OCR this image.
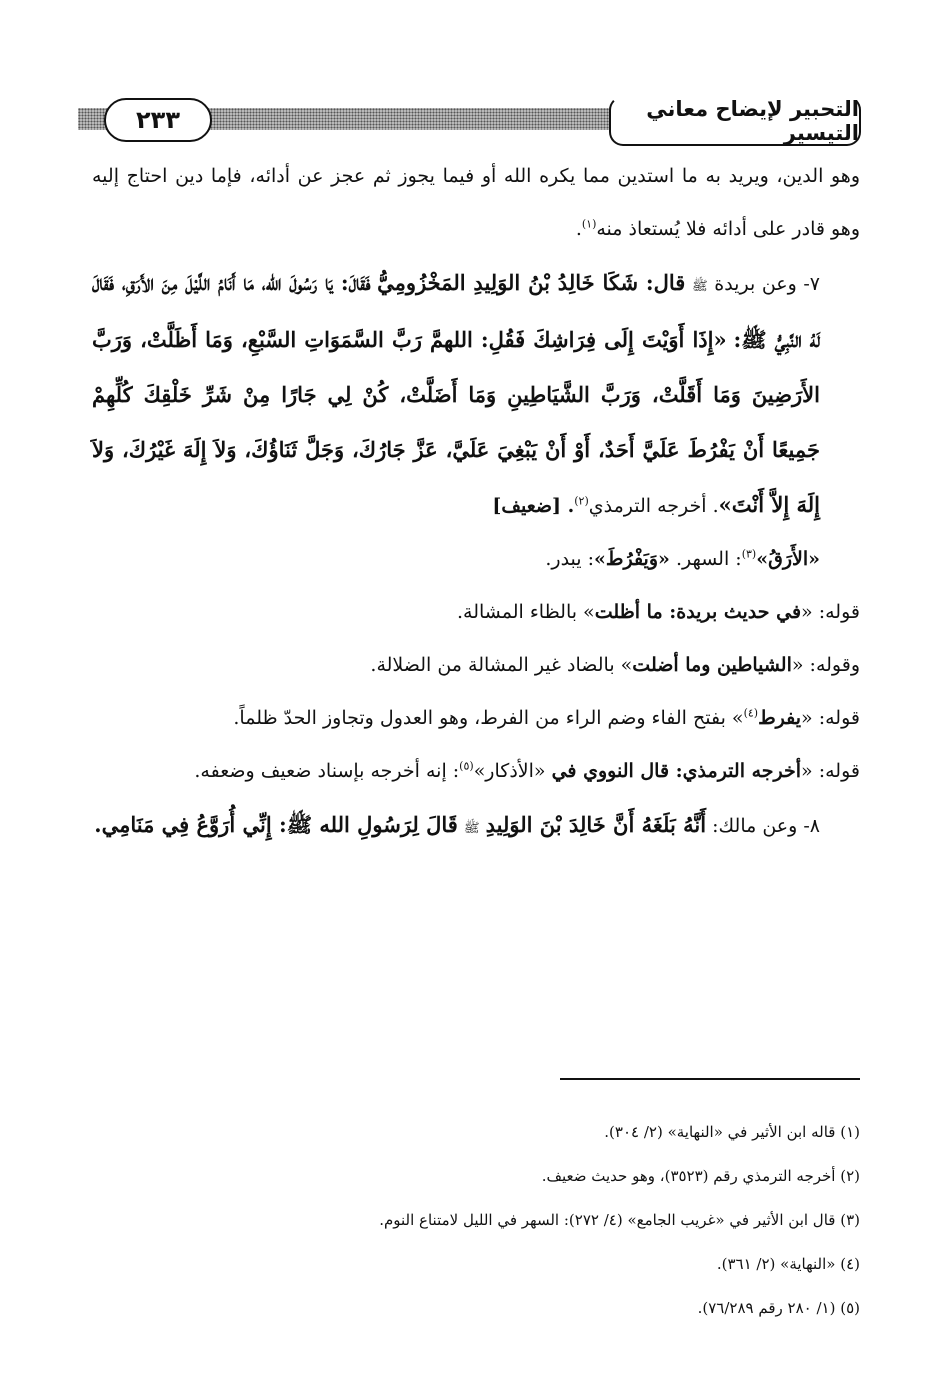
٢٣٣	التحبير لإيضاح معاني التيسير

وهو الدين، ويريد به ما استدين مما يكره الله أو فيما يجوز ثم عجز عن أدائه، فإما دين احتاج إليه وهو قادر على أدائه فلا يُستعاذ منه$^{(١)}$.

٧- وعن بريدة ﷺ قال: شَكَا خَالِدُ بْنُ الوَلِيدِ المَخْزُومِيُّ فَقَالَ: يَا رَسُولَ الله، مَا أَنَامُ اللَّيْلَ مِنَ الأَرَقِ، فَقَالَ لَهُ النَّبِيُّ ﷺ: «إِذَا أَوَيْتَ إِلَى فِرَاشِكَ فَقُلِ: اللهمَّ رَبَّ السَّمَوَاتِ السَّبْعِ، وَمَا أَظَلَّتْ، وَرَبَّ الأَرَضِينَ وَمَا أَقَلَّتْ، وَرَبَّ الشَّيَاطِينِ وَمَا أَضَلَّتْ، كُنْ لِي جَارًا مِنْ شَرِّ خَلْقِكَ كُلِّهِمْ جَمِيعًا أَنْ يَفْرُطَ عَلَيَّ أَحَدٌ، أَوْ أَنْ يَبْغِيَ عَلَيَّ، عَزَّ جَارُكَ، وَجَلَّ ثَنَاؤُكَ، وَلاَ إِلَهَ غَيْرُكَ، وَلاَ إِلَهَ إِلاَّ أَنْتَ». أخرجه الترمذي$^{(٢)}$. [ضعيف]

«الأَرَقُ»$^{(٣)}$: السهر. «وَيَفْرُطَ»: يبدر.

قوله: «في حديث بريدة: ما أظلت» بالظاء المشالة.

وقوله: «الشياطين وما أضلت» بالضاد غير المشالة من الضلالة.

قوله: «يفرط$^{(٤)}$» بفتح الفاء وضم الراء من الفرط، وهو العدول وتجاوز الحدّ ظلماً.

قوله: «أخرجه الترمذي: قال النووي في «الأذكار»$^{(٥)}$: إنه أخرجه بإسناد ضعيف وضعفه.

٨- وعن مالك: أَنَّهُ بَلَغَهُ أَنَّ خَالِدَ بْنَ الوَلِيدِ ﷺ قَالَ لِرَسُولِ الله ﷺ: إِنِّي أُرَوَّعُ فِي مَنَامِي.

(١) قاله ابن الأثير في «النهاية» (٢/ ٣٠٤).

(٢) أخرجه الترمذي رقم (٣٥٢٣)، وهو حديث ضعيف.

(٣) قال ابن الأثير في «غريب الجامع» (٤/ ٢٧٢): السهر في الليل لامتناع النوم.

(٤) «النهاية» (٢/ ٣٦١).

(٥) (١/ ٢٨٠ رقم ٧٦/٢٨٩).
